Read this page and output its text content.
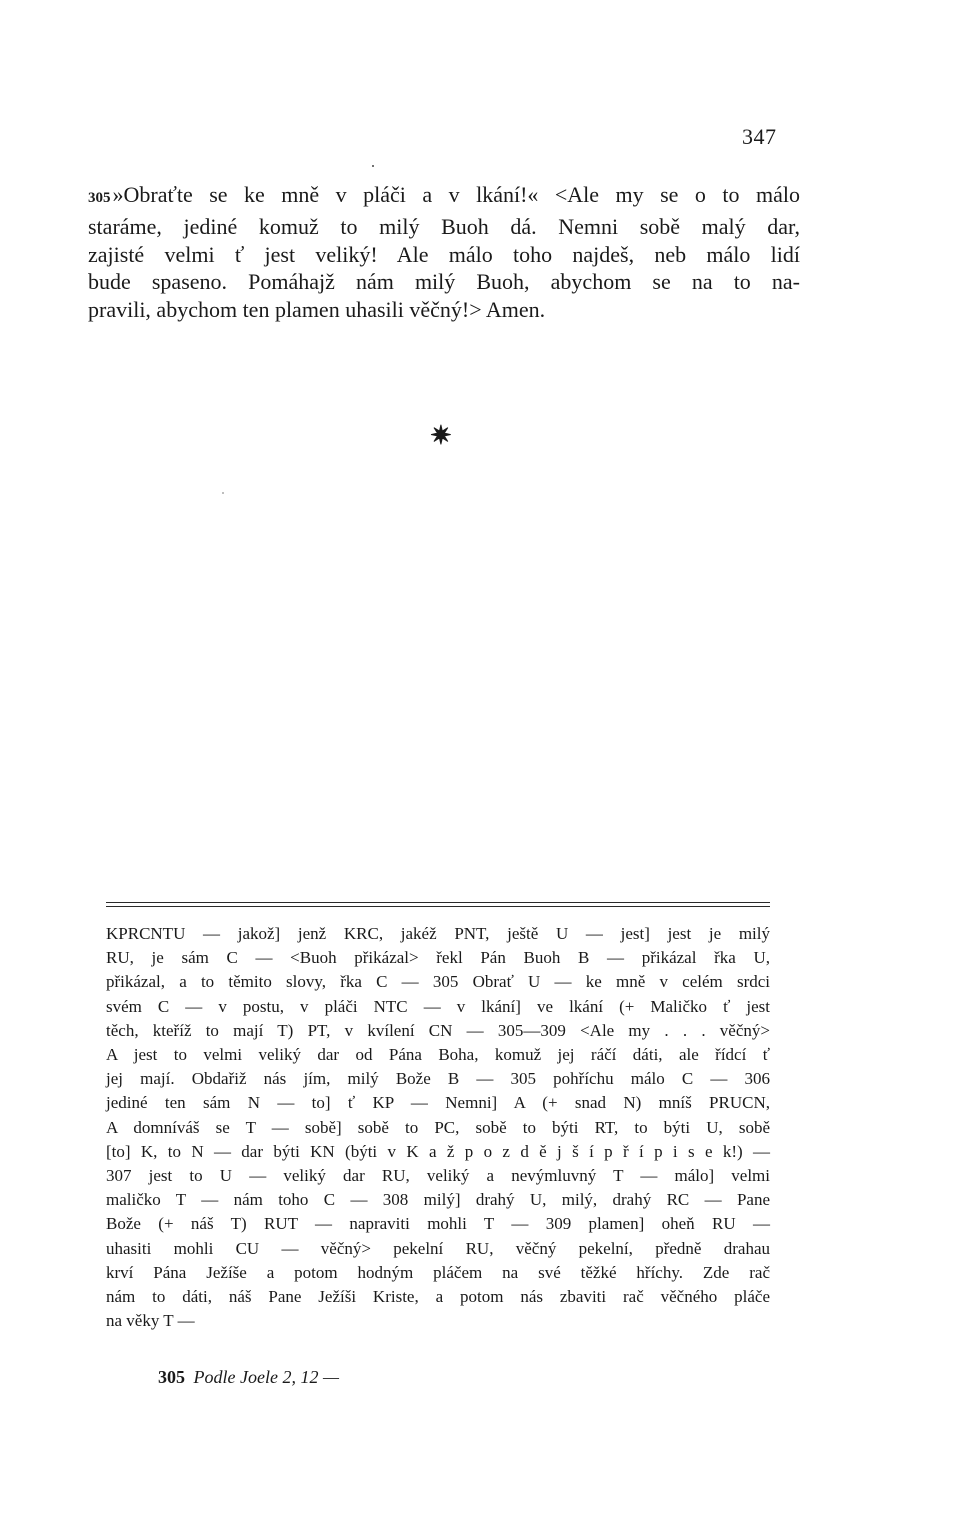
347
305»Obraťte se ke mně v pláči a v lkání!« <Ale my se o to málo
staráme, jediné komuž to milý Buoh dá. Nemni sobě malý dar,
zajisté velmi ť jest veliký! Ale málo toho najdeš, neb málo lidí
bude spaseno. Pomáhajž nám milý Buoh, abychom se na to na-
pravili, abychom ten plamen uhasili věčný!> Amen.
✷
KPRCNTU — jakož] jenž KRC, jakéž PNT, ještě U — jest] jest je milý
RU, je sám C — <Buoh přikázal> řekl Pán Buoh B — přikázal řka U,
přikázal, a to těmito slovy, řka C — 305 Obrať U — ke mně v celém srdci
svém C — v postu, v pláči NTC — v lkání] ve lkání (+ Maličko ť jest
těch, kteříž to mají T) PT, v kvílení CN — 305—309 <Ale my . . . věčný>
A jest to velmi veliký dar od Pána Boha, komuž jej ráčí dáti, ale řídcí ť
jej mají. Obdařiž nás jím, milý Bože B — 305 pohříchu málo C — 306
jediné ten sám N — to] ť KP — Nemni] A (+ snad N) mníš PRUCN,
A domníváš se T — sobě] sobě to PC, sobě to býti RT, to býti U, sobě
[to] K, to N — dar býti KN (býti v K a ž p o z d ě j š í p ř í p i s e k!) —
307 jest to U — veliký dar RU, veliký a nevýmluvný T — málo] velmi
maličko T — nám toho C — 308 milý] drahý U, milý, drahý RC — Pane
Bože (+ náš T) RUT — napraviti mohli T — 309 plamen] oheň RU —
uhasiti mohli CU — věčný> pekelní RU, věčný pekelní, předně drahau
krví Pána Ježíše a potom hodným pláčem na své těžké hříchy. Zde rač
nám to dáti, náš Pane Ježíši Kriste, a potom nás zbaviti rač věčného pláče
na věky T —
305 Podle Joele 2, 12 —
